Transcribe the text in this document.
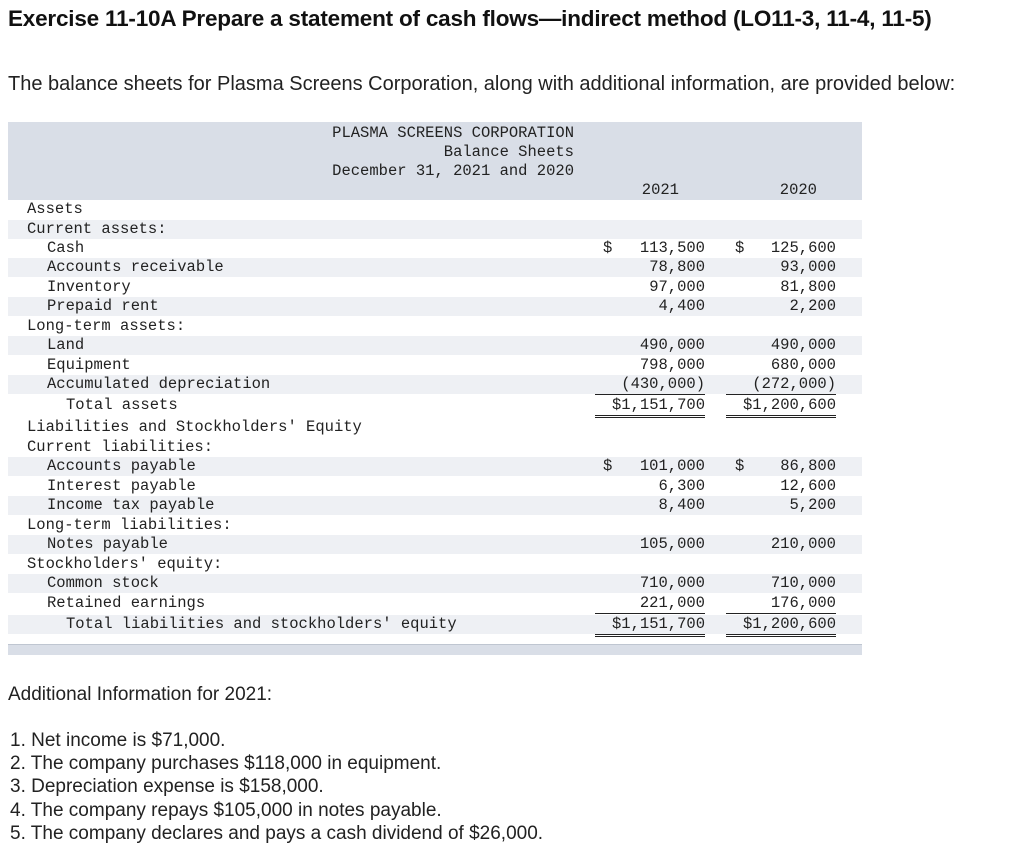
Exercise 11-10A Prepare a statement of cash flows—indirect method (LO11-3, 11-4, 11-5)

The balance sheets for Plasma Screens Corporation, along with additional information, are provided below:

PLASMA SCREENS CORPORATION
Balance Sheets
December 31, 2021 and 2020
2021	2020
Assets
Current assets:
Cash	$	113,500 $	125,600
Accounts receivable	78,800	93,000
Inventory	97,000	81,800
Prepaid rent	4,400	2,200
Long-term assets:
Land	490,000	490,000
Equipment	798,000	680,000
Accumulated depreciation	(430,000)	(272,000)
Total assets	$1,151,700	$1,200,600
Liabilities and Stockholders' Equity
Current liabilities:
Accounts payable	$	101,000 $	86,800
Interest payable	6,300	12,600
Income tax payable	8,400	5,200
Long-term liabilities:
Notes payable	105,000	210,000
Stockholders' equity:
Common stock	710,000	710,000
Retained earnings	221,000	176,000
Total liabilities and stockholders' equity	$1,151,700	$1,200,600

Additional Information for 2021:

1. Net income is $71,000.
2. The company purchases $118,000 in equipment.
3. Depreciation expense is $158,000.
4. The company repays $105,000 in notes payable.
5. The company declares and pays a cash dividend of $26,000.
